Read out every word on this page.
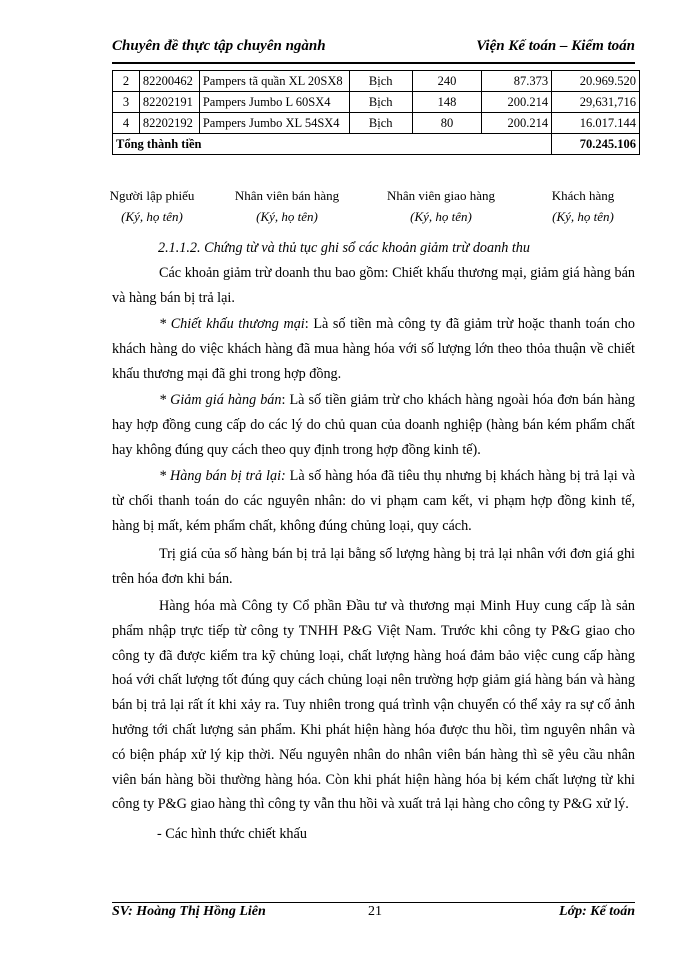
Chuyên đề thực tập chuyên ngành	Viện Kế toán – Kiểm toán
2	82200462	Pampers tã quần XL 20SX8	Bịch	240	87.373	20.969.520
3	82202191	Pampers Jumbo L 60SX4	Bịch	148	200.214	29,631,716
4	82202192	Pampers Jumbo XL 54SX4	Bịch	80	200.214	16.017.144
Tổng thành tiền						70.245.106
Người lập phiếu
(Ký, họ tên)
Nhân viên bán hàng
(Ký, họ tên)
Nhân viên giao hàng
(Ký, họ tên)
Khách hàng
(Ký, họ tên)
2.1.1.2. Chứng từ và thủ tục ghi sổ các khoản giảm trừ doanh thu
Các khoản giảm trừ doanh thu bao gồm: Chiết khấu thương mại, giảm giá hàng bán và hàng bán bị trả lại.
* Chiết khấu thương mại: Là số tiền mà công ty đã giảm trừ hoặc thanh toán cho khách hàng do việc khách hàng đã mua hàng hóa với số lượng lớn theo thỏa thuận về chiết khấu thương mại đã ghi trong hợp đồng.
* Giảm giá hàng bán: Là số tiền giảm trừ cho khách hàng ngoài hóa đơn bán hàng hay hợp đồng cung cấp do các lý do chủ quan của doanh nghiệp (hàng bán kém phẩm chất hay không đúng quy cách theo quy định trong hợp đồng kinh tế).
* Hàng bán bị trả lại: Là số hàng hóa đã tiêu thụ nhưng bị khách hàng bị trả lại và từ chối thanh toán do các nguyên nhân: do vi phạm cam kết, vi phạm hợp đồng kinh tế, hàng bị mất, kém phẩm chất, không đúng chủng loại, quy cách.
Trị giá của số hàng bán bị trả lại bằng số lượng hàng bị trả lại nhân với đơn giá ghi trên hóa đơn khi bán.
Hàng hóa mà Công ty Cổ phần Đầu tư và thương mại Minh Huy cung cấp là sản phẩm nhập trực tiếp từ công ty TNHH P&G Việt Nam. Trước khi công ty P&G giao cho công ty đã được kiểm tra kỹ chủng loại, chất lượng hàng hoá đảm bảo việc cung cấp hàng hoá với chất lượng tốt đúng quy cách chủng loại nên trường hợp giảm giá hàng bán và hàng bán bị trả lại rất ít khi xảy ra. Tuy nhiên trong quá trình vận chuyển có thể xảy ra sự cố ảnh hưởng tới chất lượng sản phẩm. Khi phát hiện hàng hóa được thu hồi, tìm nguyên nhân và có biện pháp xử lý kịp thời. Nếu nguyên nhân do nhân viên bán hàng thì sẽ yêu cầu nhân viên bán hàng bồi thường hàng hóa. Còn khi phát hiện hàng hóa bị kém chất lượng từ khi công ty P&G giao hàng thì công ty vẫn thu hồi và xuất trả lại hàng cho công ty P&G xử lý.
- Các hình thức chiết khấu
SV: Hoàng Thị Hồng Liên	21	Lớp: Kế toán
